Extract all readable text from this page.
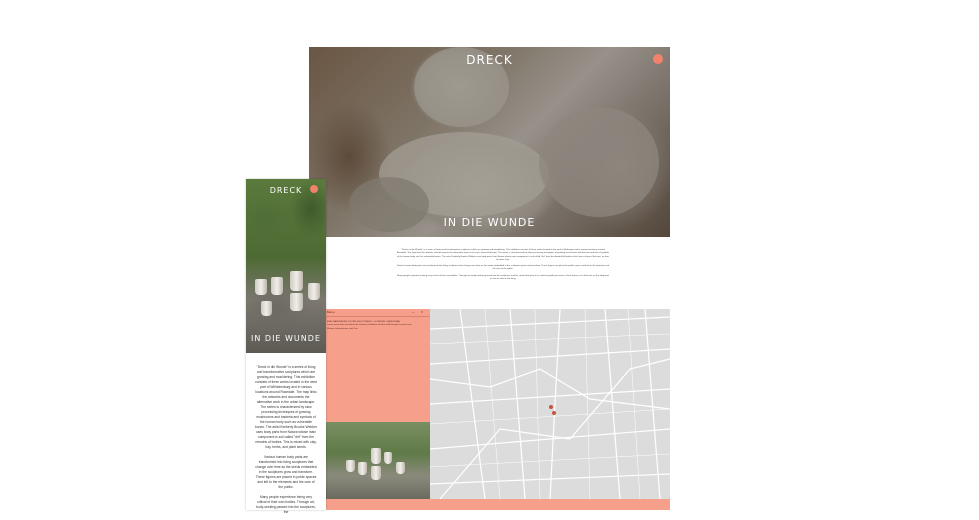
DRECK
IN DIE WUNDE

"Drecks in die Wunde" is a series of living and transformative sculptures which are growing and mouldering. This exhibition consists of three works located in the park of Harburger and in various locations around Rosedale. The map links the artworks and documents the alternative work in the city's urban landscape. The series is characterised by slow processing techniques of growing mushrooms and bacteria and bits of symbols of the human body such as vulnerable bones. The artist Kimberly Brooke Webber uses body parts from Natura whose main component is soil called "dirt" from the dandruff of bodies which was a thing of the past, so how far does it go.

Various human body parts are transformed into living sculptures that change over time as the seeds embedded in the sculptures grow and transform. These figures are placed in public spaces and left to the elements and the care of the public.

Many people experience being very critical of their own bodies. Through art, body-seeking passed into the sculptures and the seeds that grow in its natural growth processes, which invites us to find care on the body and on soil as what is the thing.

EINE WANDERUNG ZU DEN SKULPTUREN — HÖRSPIEL VERFÜGBAR
Lorem ipsum intro text about the artwork installation and the walk through the park area.
Weitere Informationen und Orte.
Menu	– ×
DRECK
IN DIE WUNDE

"Dreck in die Wunde" is a series of living and transformative sculptures which are growing and mouldering. This exhibition consists of three works located in the west part of Wilhelmsburg and in various locations around Rosedale. The map links the artworks and documents the alternative work in the urban landscape. The series is characterized by slow processing techniques of growing mushrooms and bacteria and symbols of the human body such as vulnerable bones. The artist Kimberly Brooke Webber uses body parts from Natura whose main component is soil called "dirt" from the remains of bodies. This is mixed with clay, hay, herbs, and plant seeds.

Various human body parts are transformed into living sculptures that change over time as the seeds embedded in the sculptures grow and transform. These figures are placed in public spaces and left to the elements and the care of the public.

Many people experience being very critical of their own bodies. Through art, body-seeking passed into the sculptures, the
